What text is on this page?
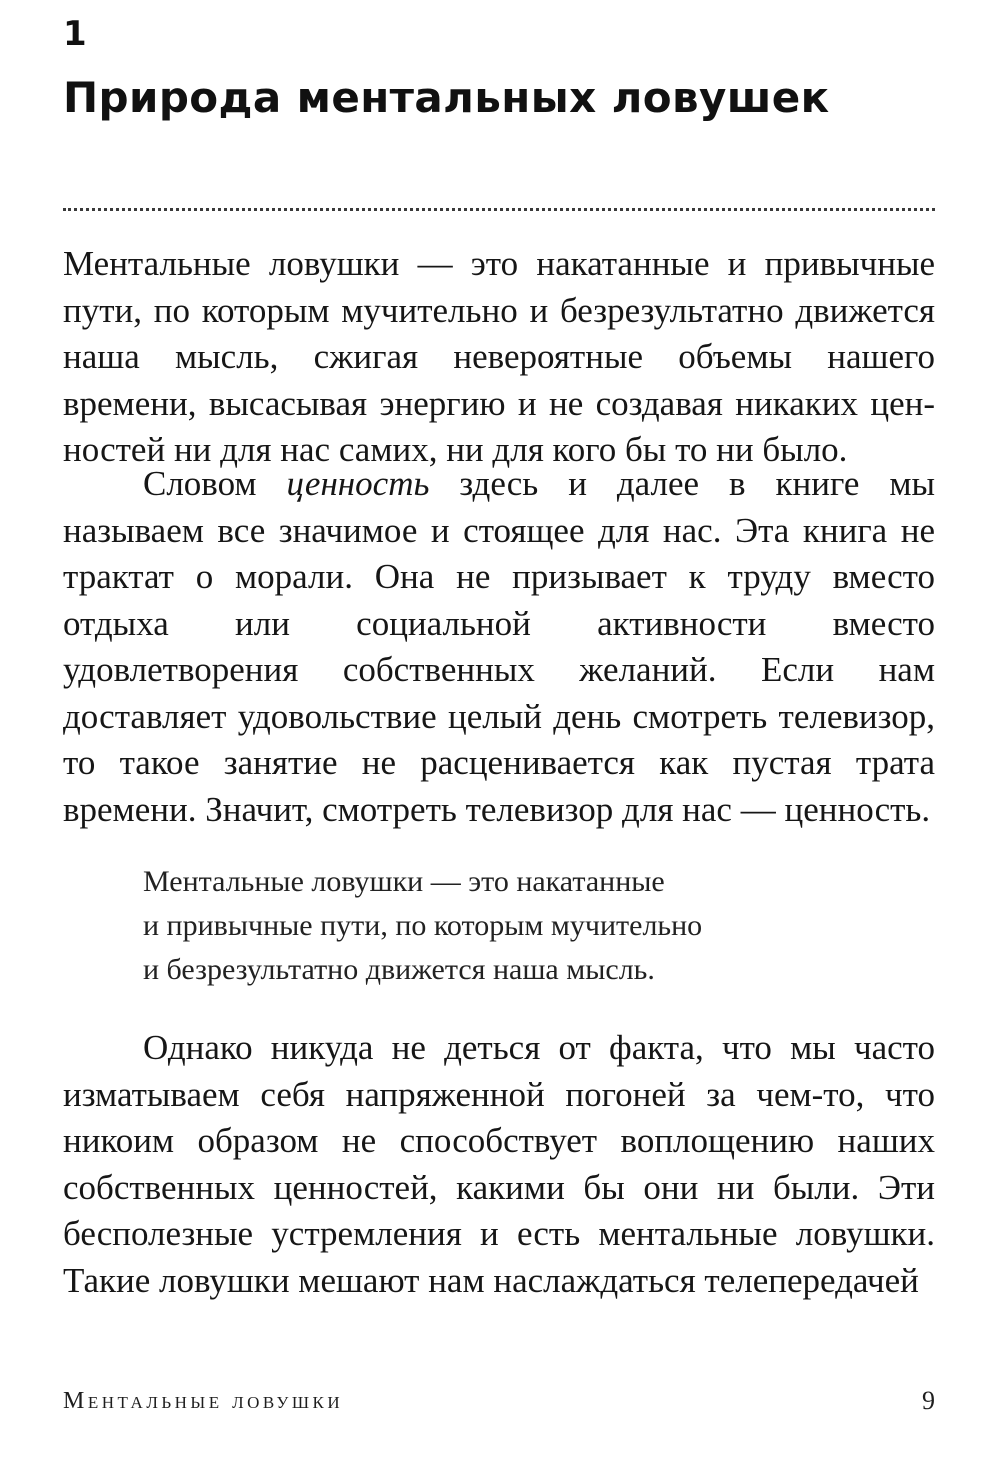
1
Природа ментальных ловушек

Ментальные ловушки — это накатанные и привычные пути, по которым мучительно и безрезультатно движется наша мысль, сжигая невероятные объемы нашего времени, высасывая энергию и не создавая никаких ценностей ни для нас самих, ни для кого бы то ни было.

Словом ценность здесь и далее в книге мы называем все значимое и стоящее для нас. Эта книга не трактат о морали. Она не призывает к труду вместо отдыха или социальной активности вместо удовлетворения собственных желаний. Если нам доставляет удовольствие целый день смотреть телевизор, то такое занятие не расценивается как пустая трата времени. Значит, смотреть телевизор для нас — ценность.

Ментальные ловушки — это накатанные
и привычные пути, по которым мучительно
и безрезультатно движется наша мысль.

Однако никуда не деться от факта, что мы часто изматываем себя напряженной погоней за чем-то, что никоим образом не способствует воплощению наших собственных ценностей, какими бы они ни были. Эти бесполезные устремления и есть ментальные ловушки. Такие ловушки мешают нам наслаждаться телепередачей

Ментальные ловушки	9
